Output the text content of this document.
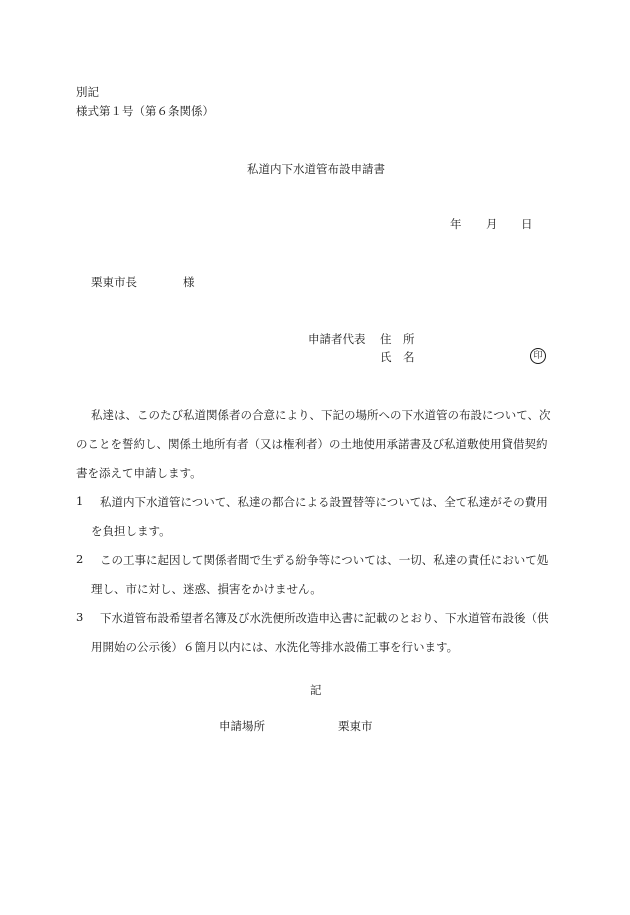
別記
様式第１号（第６条関係）
私道内下水道管布設申請書
年 月 日
栗東市長	様
申請者代表 住　所
氏　名	印
私達は、このたび私道関係者の合意により、下記の場所への下水道管の布設について、次
のことを誓約し、関係土地所有者（又は権利者）の土地使用承諾書及び私道敷使用貸借契約
書を添えて申請します。
1 私道内下水道管について、私達の都合による設置替等については、全て私達がその費用
を負担します。
2 この工事に起因して関係者間で生ずる紛争等については、一切、私達の責任において処
理し、市に対し、迷惑、損害をかけません。
3 下水道管布設希望者名簿及び水洗便所改造申込書に記載のとおり、下水道管布設後（供
用開始の公示後）６箇月以内には、水洗化等排水設備工事を行います。
記
申請場所	栗東市
